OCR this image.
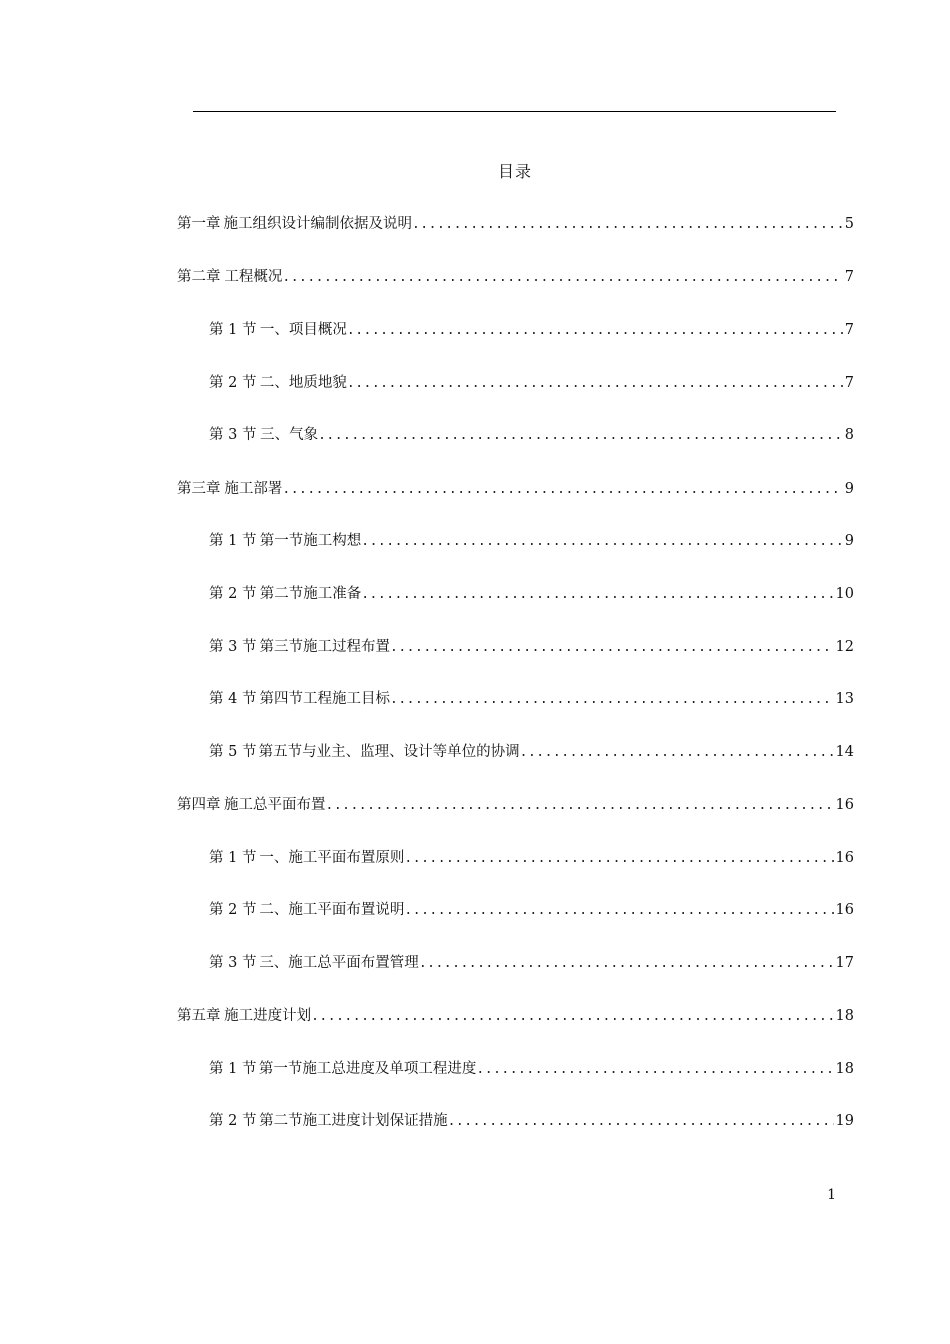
目录
第一章 施工组织设计编制依据及说明 .....	5
第二章 工程概况 .....	7
第 1 节 一、项目概况 .....	7
第 2 节 二、地质地貌 .....	7
第 3 节 三、气象 .....	8
第三章 施工部署 .....	9
第 1 节 第一节施工构想 .....	9
第 2 节 第二节施工准备 .....	10
第 3 节 第三节施工过程布置 .....	12
第 4 节 第四节工程施工目标 .....	13
第 5 节 第五节与业主、监理、设计等单位的协调 .....	14
第四章 施工总平面布置 .....	16
第 1 节 一、施工平面布置原则 .....	16
第 2 节 二、施工平面布置说明 .....	16
第 3 节 三、施工总平面布置管理 .....	17
第五章 施工进度计划 .....	18
第 1 节 第一节施工总进度及单项工程进度 .....	18
第 2 节 第二节施工进度计划保证措施 .....	19
1
